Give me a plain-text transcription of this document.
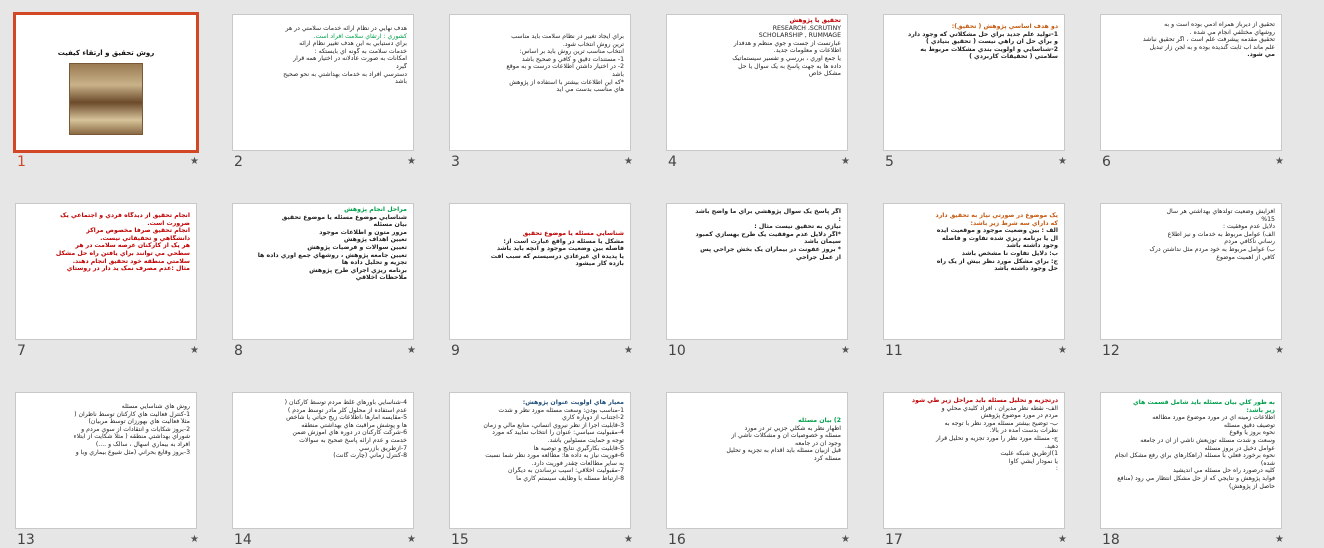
روش تحقيق و ارتقاء کيفيت
1	★
هدف نهايي در نظام ارائه خدمات سلامتي در هر
کشوري : ارتقاي سلامت افراد است.
براي دستيابي به اين هدف تغيير نظام ارائه
خدمات سلامت به گونه اي بايستکه :
امکانات به صورت عادلانه در اختيار همه قرار
گيرد
دسترسي افراد به خدمات بهداشتي به نحو صحيح
باشد
2	★
براي ايجاد تغيير در نظام سلامت بايد مناسب
ترين روش انتخاب شود.
انتخاب مناسب ترين روش بايد بر اساس:
1- مستندات دقيق و کافي و صحيح باشد
2- در اختيار داشتن اطلاعات درست و به موقع
باشد
*که اين اطلاعات بيشتر با استفاده از پژوهش
هاي مناسب بدست مي آيد
3	★
تحقيق يا پژوهش
RESEARCH ،SCRUTINY
SCHOLARSHIP , RUMMAGE
عبارتست از جست و جوي منظم و هدفدار
اطلاعات و معلومات جديد.
يا جمع آوري ، بررسي و تفسير سيستماتيک
داده ها به جهت پاسخ به يک سوال يا حل
مشکل خاص
4	★
دو هدف اساسي پژوهش ( تحقيق):
1-توليد علم جديد براي حل مشکلاتي که وجود دارد
و براي حل آن راهي نيست ( تحقيق بنيادي )
2-شناسايي و اولويت بندي مشکلات مربوط به
سلامتي ( تحقيقات کاربردي )
5	★
تحقيق از ديرباز همراه آدمي بوده است و به
روشهاي مختلفي انجام مي شده .
تحقيق مقدمه پيشرفت علم است ، اگر تحقيق نباشد
علم ماند آب ثابت گنديده بوده و به لجن زار تبديل
مي شود.
6	★
انجام تحقيق از ديدگاه فردي و اجتماعي يک
ضرورت است.
انجام تحقيق صرفا مخصوص مراکز
دانشگاهي و تحقيقاتي نيست.
هر يک از کارکنان عرصه سلامت در هر
سطحي مي توانند براي يافتن راه حل مشکل
سلامتي منطقه خود تحقيق انجام دهند.
مثال :عدم مصرف نمک يد دار در روستاي
7	★
مراحل انجام پژوهش
شناسايي موضوع مسئله يا موضوع تحقيق
بيان مسئله
مرور متون و اطلاعات موجود
تعيين اهداف پژوهش
تعيين سوالات و فرضيات پژوهش
تعيين جامعه پژوهش ، روشهاي جمع آوري داده ها
تجزيه و تحليل داده ها
برنامه ريزي اجراي طرح پژوهش
ملاحظات اخلاقي
8	★
شناسايي مسئله يا موضوع تحقيق
مشکل يا مسئله در واقع عبارت است از:
فاصله بين وضعيت موجود و آنچه بايد باشد
يا پديده اي غيرعادي درسيستم که سبب افت
بازده کار ميشود
9	★
اگر پاسخ يک سوال پژوهشي براي ما واضح باشد
:
نيازي به تحقيق نيست مثال :
*اگر دلايل عدم موفقيت يک طرح بهسازي کمبود
سيمان باشد
* بروز عفونت در بيماران يک بخش جراحي پس
از عمل جراحي
10	★
يک موضوع در صورتي نياز به تحقيق دارد
که داراي سه شرط زير باشد:
الف : بين وضعيت موجود و موقعيت ايده
آل يا برنامه ريزي شده تفاوت و فاصله
وجود داشته باشد
ب: دلايل تفاوت نا مشخص باشد
ج: براي مشکل مورد نظر بيش از يک راه
حل وجود داشته باشد
11	★
افزايش وضعيت تولدهاي بهداشتي هر سال
%15
دلايل عدم موفقيت :
الف) عوامل مربوط به خدمات و نيز اطلاع
رساني ناکافي مردم
ب) عوامل مربوط به خود مردم مثل نداشتن درک
کافي از اهميت موضوع
12	★
روش هاي شناسايي مسئله
1-کنترل فعاليت هاي کارکنان توسط ناظران (
مثلاً فعاليت هاي بهورزان توسط مربيان)
2-بروز شکايات و انتقادات از سوي مردم و
شوراي بهداشتي منطقه ( مثلاً شکايت از ابتلاء
افراد به بيماري اسهال ، سالک و ....)
3-بروز وقايع بحراني (مثل شيوع بيماري وبا و
13	★
4-شناسايي باورهاي غلط مردم توسط کارکنان (
عدم استفاده از محلول کلر مادر توسط مردم )
5-مقايسه آمارها ،اطلاعات زيج حياتي يا شاخص
ها و پوشش مراقبت هاي بهداشتي منطقه
6-شرکت کارکنان در دوره هاي آموزش ضمن
خدمت و عدم ارائه پاسخ صحيح به سوالات
7-ازطريق بازرسي
8-کنترل زماني (چارت گانت)
14	★
معيار هاي اولويت عنوان پژوهش:
1-مناسب بودن: وسعت مسئله مورد نظر و شدت
2-اجتناب از دوباره کاري
3-قابليت اجرا از نظر نيروي انساني، منابع مالي و زمان
4-مقبوليت سياسي: عنوان را انتخاب نماييد که مورد
توجه و حمايت مسئولين باشد.
5-قابليت بکارگيري نتايج و توصيه ها
6-فوريت نياز به داده ها: مطالعه مورد نظر شما نسبت
به ساير مطالعات چقدر فوريت دارد.
7-مقبوليت اخلاقي: آسيب نرساندن به ديگران
8-ارتباط مسئله با وظايف سيستم کاري ما
15	★
2) بيان مسئله
اظهار نظر به شکلي جزيي تر در مورد
مسئله و خصوصيات آن و مشکلات ناشي از
وجود آن در جامعه
قبل ازبيان مسئله بايد اقدام به تجزيه و تحليل
مسئله کرد
16	★
درتجزيه و تحليل مسئله بايد مراحل زير طي شود
الف- نقطه نظر مديران ، افراد کليدي محلي و
مردم در مورد موضوع پژوهش
ب- توضيح بيشتر مسئله مورد نظر با توجه به
نظرات بدست آمده در بالا.
ج- مسئله مورد نظر را مورد تجزيه و تحليل قرار
دهيد.
1)ازطريق شبکه عليت
يا نمودار ايشي کاوا
:
17	★
به طور کلي بيان مسئله بايد شامل قسمت هاي
زير باشد:
اطلاعات زمينه اي در مورد موضوع مورد مطالعه
توصيف دقيق مسئله
نحوه بروز يا وقوع
وسعت و شدت مسئله توزيعش ناشي از آن در جامعه
عوامل دخيل در بروز مسئله
نحوه برخورد فعلي با مسئله (راهکارهاي براي رفع مشکل انجام
شده)
کليه درصورد راه حل مسئله مي انديشيد
فوايد پژوهش و نتايجي که از حل مشکل انتظار مي رود (منافع
حاصل از پژوهش)
18	★
